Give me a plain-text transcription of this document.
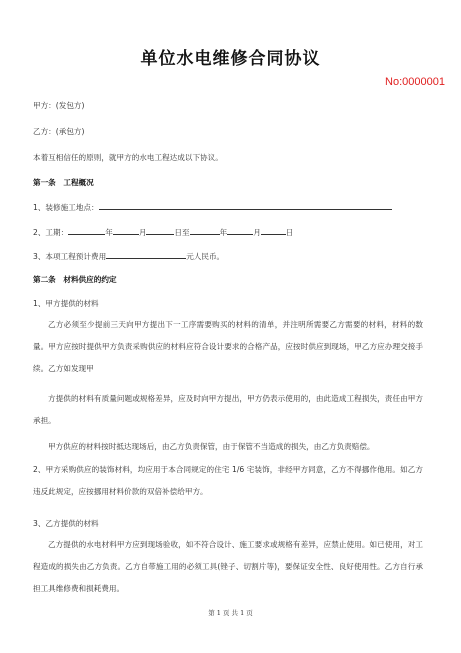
单位水电维修合同协议
No:0000001
甲方：(发包方)
乙方：(承包方)
本着互相信任的原则，就甲方的水电工程达成以下协议。
第一条　工程概况
1、装修施工地点：
2、工期：	年	月	日至	年	月	日
3、本项工程预计费用	元人民币。
第二条　材料供应的约定
1、甲方提供的材料
乙方必须至少提前三天向甲方提出下一工序需要购买的材料的清单，并注明所需要乙方需要的材料，材料的数量。甲方应按时提供甲方负责采购供应的材料应符合设计要求的合格产品，应按时供应到现场，甲乙方应办理交接手续。乙方如发现甲
方提供的材料有质量问题或规格差异，应及时向甲方提出，甲方仍表示使用的，由此造成工程损失，责任由甲方承担。
甲方供应的材料按时抵达现场后，由乙方负责保管，由于保管不当造成的损失，由乙方负责赔偿。
2、甲方采购供应的装饰材料，均应用于本合同规定的住宅 1/6 宅装饰，非经甲方同意，乙方不得挪作他用。如乙方违反此规定，应按挪用材料价款的双倍补偿给甲方。
3、乙方提供的材料
乙方提供的水电材料甲方应到现场验收，如不符合设计、施工要求或规格有差异，应禁止使用。如已使用，对工程造成的损失由乙方负责。乙方自带施工用的必须工具(锉子、切割片等)，要保证安全性、良好使用性。乙方自行承担工具维修费和损耗费用。
第 1 页 共 1 页
